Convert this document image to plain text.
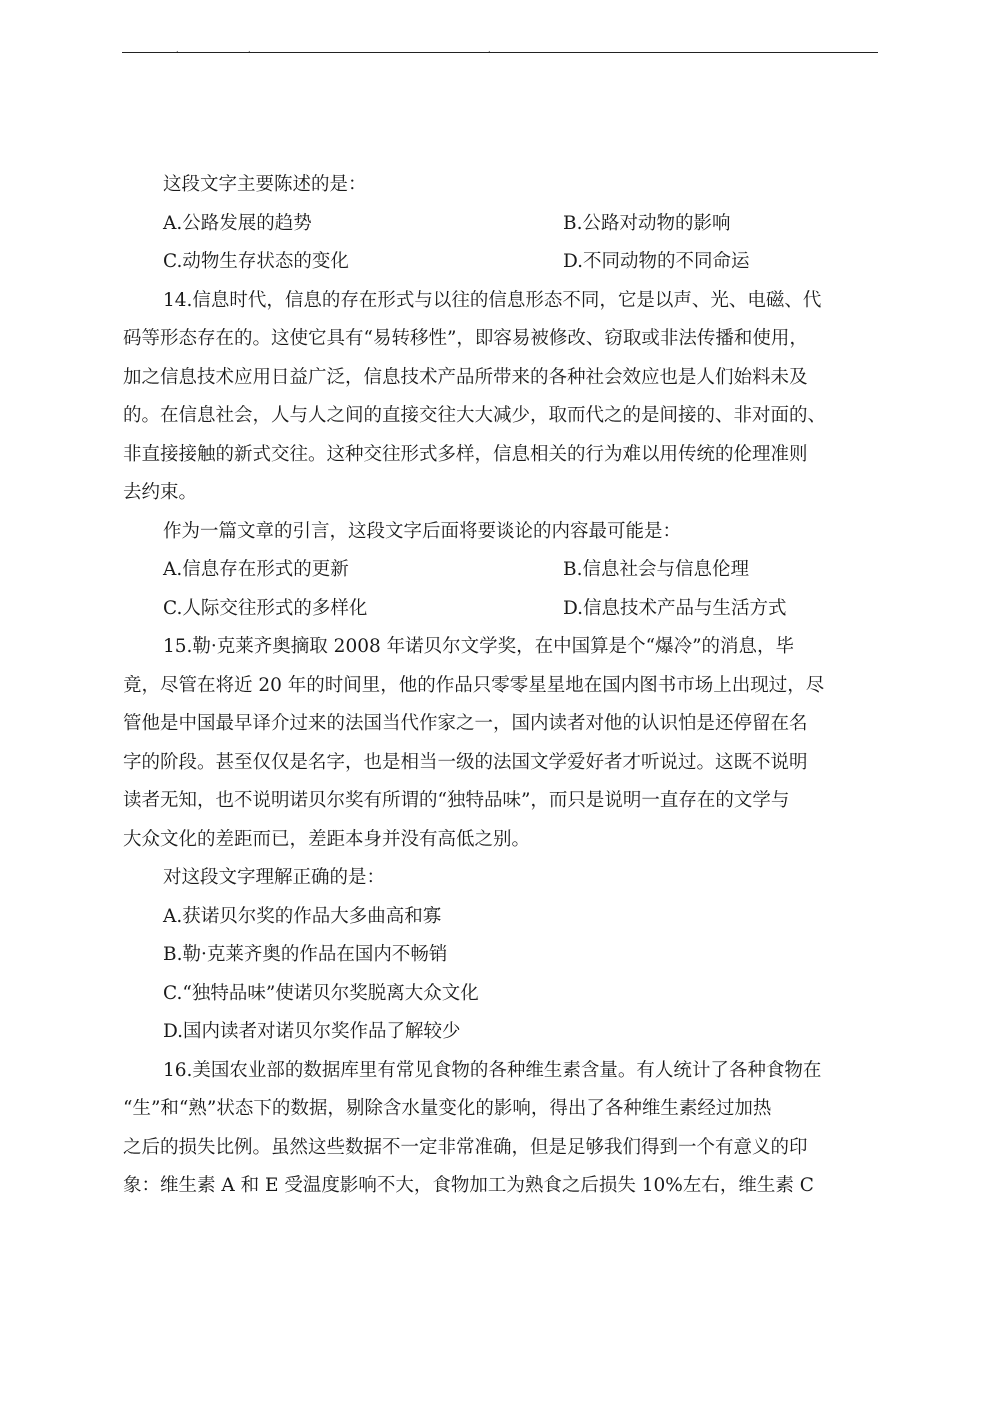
.	.	.

这段文字主要陈述的是：

A.公路发展的趋势	B.公路对动物的影响
C.动物生存状态的变化	D.不同动物的不同命运

14.信息时代，信息的存在形式与以往的信息形态不同，它是以声、光、电磁、代

码等形态存在的。这使它具有“易转移性”，即容易被修改、窃取或非法传播和使用，

加之信息技术应用日益广泛，信息技术产品所带来的各种社会效应也是人们始料未及

的。在信息社会，人与人之间的直接交往大大减少，取而代之的是间接的、非对面的、

非直接接触的新式交往。这种交往形式多样，信息相关的行为难以用传统的伦理准则

去约束。

作为一篇文章的引言，这段文字后面将要谈论的内容最可能是：

A.信息存在形式的更新	B.信息社会与信息伦理
C.人际交往形式的多样化	D.信息技术产品与生活方式

15.勒·克莱齐奥摘取 2008 年诺贝尔文学奖，在中国算是个“爆冷”的消息，毕

竟，尽管在将近 20 年的时间里，他的作品只零零星星地在国内图书市场上出现过，尽

管他是中国最早译介过来的法国当代作家之一，国内读者对他的认识怕是还停留在名

字的阶段。甚至仅仅是名字，也是相当一级的法国文学爱好者才听说过。这既不说明

读者无知，也不说明诺贝尔奖有所谓的“独特品味”，而只是说明一直存在的文学与

大众文化的差距而已，差距本身并没有高低之别。

对这段文字理解正确的是：

A.获诺贝尔奖的作品大多曲高和寡

B.勒·克莱齐奥的作品在国内不畅销

C.“独特品味”使诺贝尔奖脱离大众文化

D.国内读者对诺贝尔奖作品了解较少

16.美国农业部的数据库里有常见食物的各种维生素含量。有人统计了各种食物在

“生”和“熟”状态下的数据，剔除含水量变化的影响，得出了各种维生素经过加热

之后的损失比例。虽然这些数据不一定非常准确，但是足够我们得到一个有意义的印

象：维生素 A 和 E 受温度影响不大，食物加工为熟食之后损失 10%左右，维生素 C
